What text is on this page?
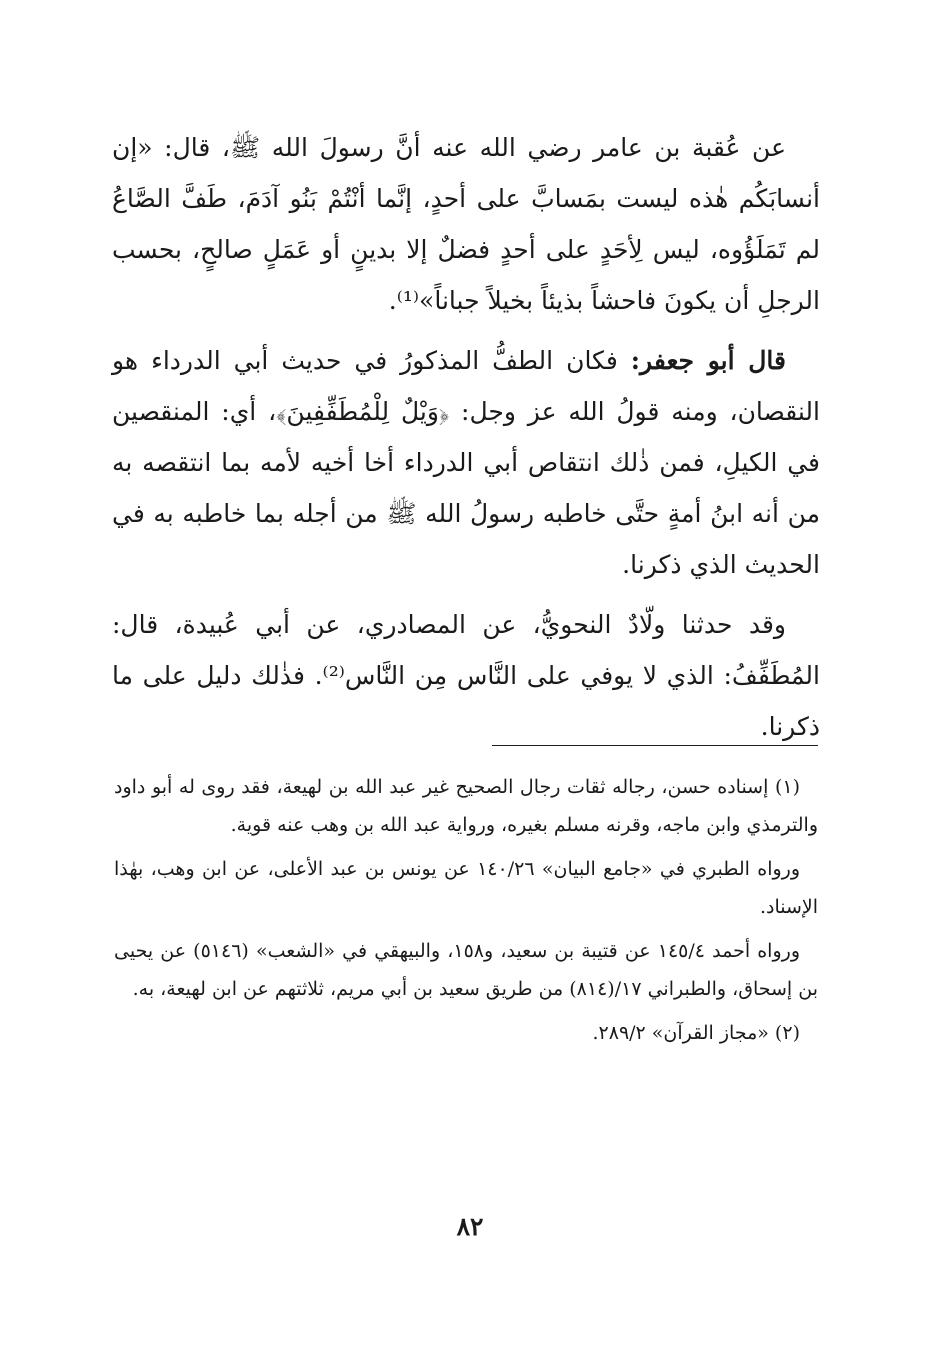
عن عُقبة بن عامر رضي الله عنه أنَّ رسولَ الله ﷺ، قال: «إن أنسابَكُم هٰذه ليست بمَسابَّ على أحدٍ، إنَّما أنْتُمْ بَنُو آدَمَ، طَفَّ الصَّاعُ لم تَمَلَؤُوه، ليس لِأحَدٍ على أحدٍ فضلٌ إلا بدينٍ أو عَمَلٍ صالحٍ، بحسب الرجلِ أن يكونَ فاحشاً بذيئاً بخيلاً جباناً»⁽¹⁾.

قال أبو جعفر: فكان الطفُّ المذكورُ في حديث أبي الدرداء هو النقصان، ومنه قولُ الله عز وجل: ﴿وَيْلٌ لِلْمُطَفِّفِينَ﴾، أي: المنقصين في الكيلِ، فمن ذٰلك انتقاص أبي الدرداء أخا أخيه لأمه بما انتقصه به من أنه ابنُ أمةٍ حتَّى خاطبه رسولُ الله ﷺ من أجله بما خاطبه به في الحديث الذي ذكرنا.

وقد حدثنا ولّادٌ النحويُّ، عن المصادري، عن أبي عُبيدة، قال: المُطَفِّفُ: الذي لا يوفي على النَّاس مِن النَّاس⁽²⁾. فذٰلك دليل على ما ذكرنا.

(١) إسناده حسن، رجاله ثقات رجال الصحيح غير عبد الله بن لهيعة، فقد روى له أبو داود والترمذي وابن ماجه، وقرنه مسلم بغيره، ورواية عبد الله بن وهب عنه قوية.

ورواه الطبري في «جامع البيان» ١٤٠/٢٦ عن يونس بن عبد الأعلى، عن ابن وهب، بهٰذا الإسناد.

ورواه أحمد ١٤٥/٤ عن قتيبة بن سعيد، و١٥٨، والبيهقي في «الشعب» (٥١٤٦) عن يحيى بن إسحاق، والطبراني ١٧/(٨١٤) من طريق سعيد بن أبي مريم، ثلاثتهم عن ابن لهيعة، به.

(٢) «مجاز القرآن» ٢٨٩/٢.

٨٢
